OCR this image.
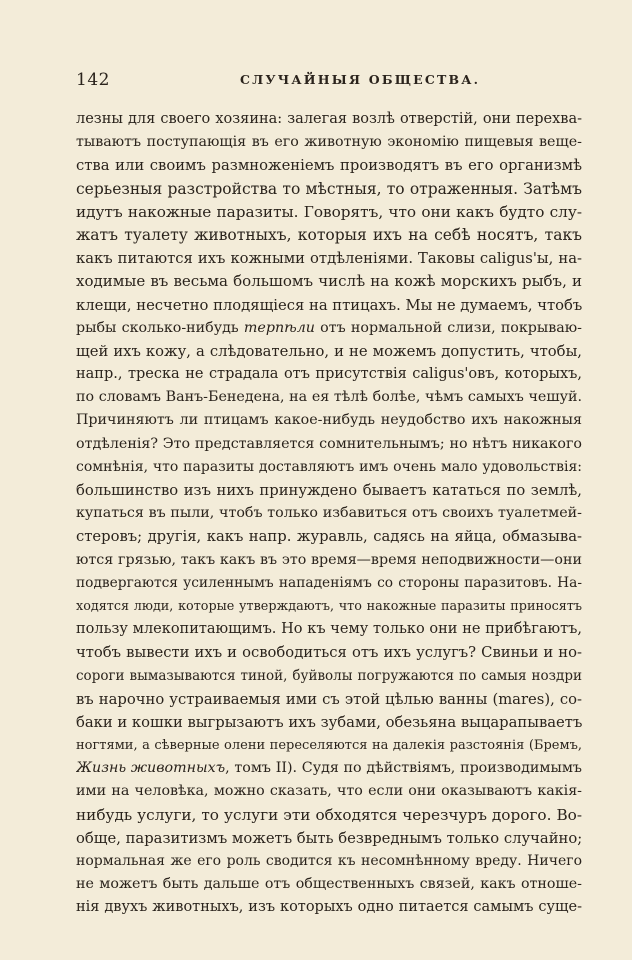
142	СЛУЧАЙНЫЯ ОБЩЕСТВА.
лезны для своего хозяина: залегая возлѣ отверстій, они перехва-
тываютъ поступающія въ его животную экономію пищевыя веще-
ства или своимъ размноженіемъ производятъ въ его организмѣ
серьезныя разстройства то мѣстныя, то отраженныя. Затѣмъ
идутъ накожные паразиты. Говорятъ, что они какъ будто слу-
жатъ туалету животныхъ, которыя ихъ на себѣ носятъ, такъ
какъ питаются ихъ кожными отдѣленіями. Таковы caligus'ы, на-
ходимые въ весьма большомъ числѣ на кожѣ морскихъ рыбъ, и
клещи, несчетно плодящіеся на птицахъ. Мы не думаемъ, чтобъ
рыбы сколько-нибудь терпѣли отъ нормальной слизи, покрываю-
щей ихъ кожу, а слѣдовательно, и не можемъ допустить, чтобы,
напр., треска не страдала отъ присутствія caligus'овъ, которыхъ,
по словамъ Ванъ-Бенедена, на ея тѣлѣ болѣе, чѣмъ самыхъ чешуй.
Причиняютъ ли птицамъ какое-нибудь неудобство ихъ накожныя
отдѣленія? Это представляется сомнительнымъ; но нѣтъ никакого
сомнѣнія, что паразиты доставляютъ имъ очень мало удовольствія:
большинство изъ нихъ принуждено бываетъ кататься по землѣ,
купаться въ пыли, чтобъ только избавиться отъ своихъ туалетмей-
стеровъ; другія, какъ напр. журавль, садясь на яйца, обмазыва-
ются грязью, такъ какъ въ это время—время неподвижности—они
подвергаются усиленнымъ нападеніямъ со стороны паразитовъ. На-
ходятся люди, которые утверждаютъ, что накожные паразиты приносятъ
пользу млекопитающимъ. Но къ чему только они не прибѣгаютъ,
чтобъ вывести ихъ и освободиться отъ ихъ услугъ? Свиньи и но-
сороги вымазываются тиной, буйволы погружаются по самыя ноздри
въ нарочно устраиваемыя ими съ этой цѣлью ванны (mares), со-
баки и кошки выгрызаютъ ихъ зубами, обезьяна выцарапываетъ
ногтями, а сѣверные олени переселяются на далекія разстоянія (Бремъ,
Жизнь животныхъ, томъ II). Судя по дѣйствіямъ, производимымъ
ими на человѣка, можно сказать, что если они оказываютъ какія-
нибудь услуги, то услуги эти обходятся черезчуръ дорого. Во-
обще, паразитизмъ можетъ быть безвреднымъ только случайно;
нормальная же его роль сводится къ несомнѣнному вреду. Ничего
не можетъ быть дальше отъ общественныхъ связей, какъ отноше-
нія двухъ животныхъ, изъ которыхъ одно питается самымъ суще-
